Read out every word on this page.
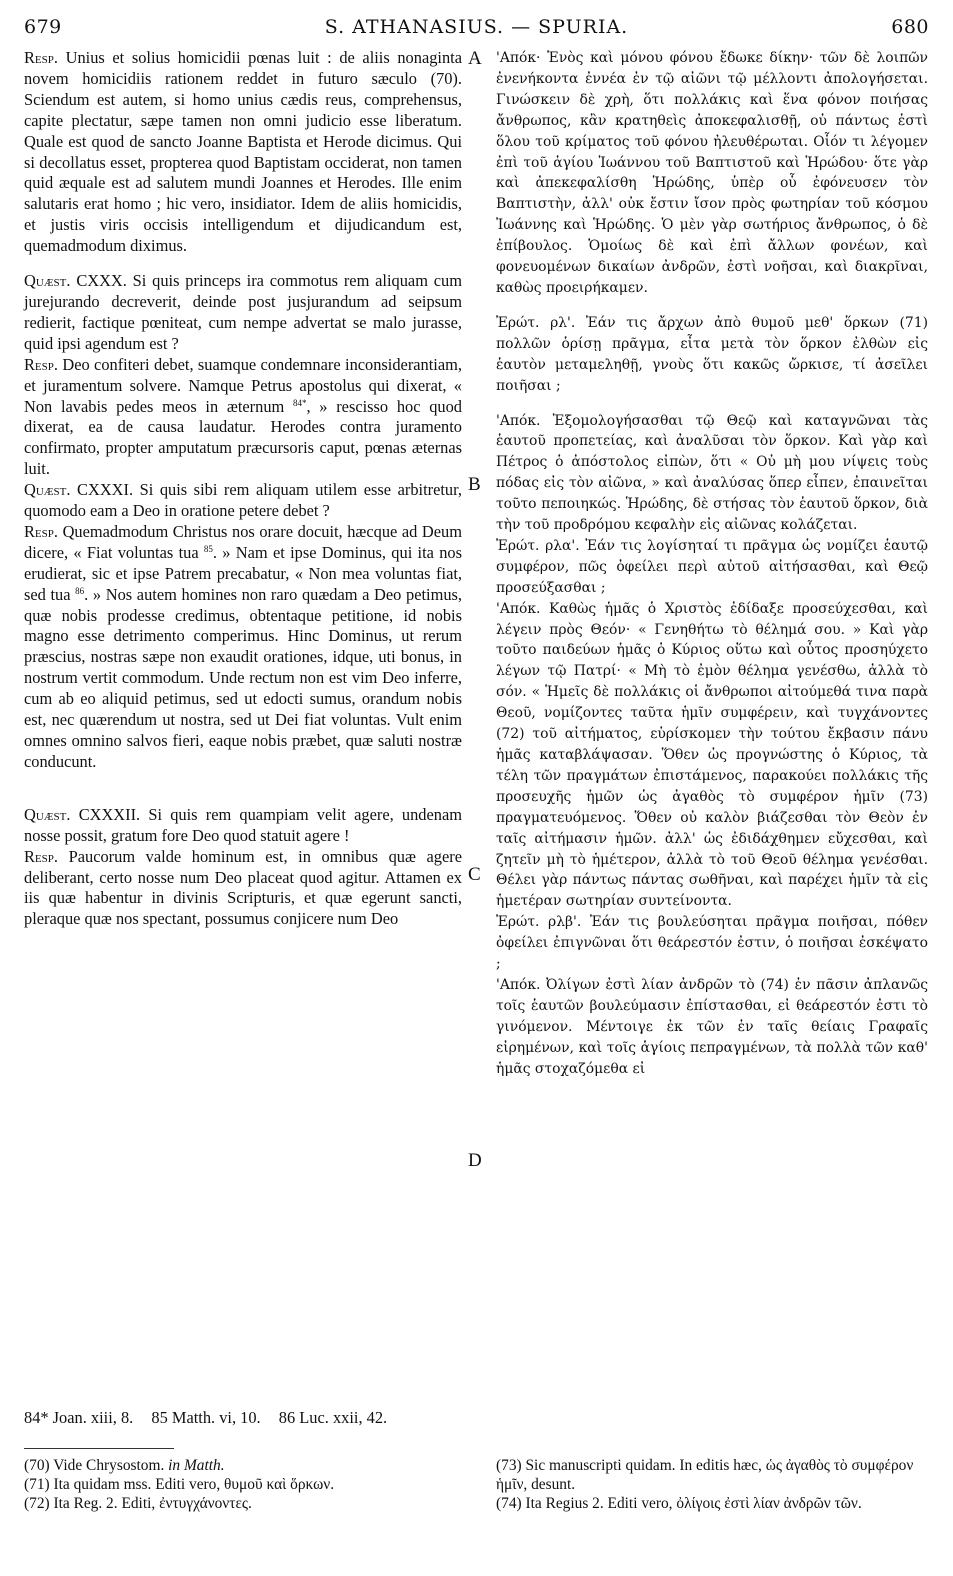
679	S. ATHANASIUS. — SPURIA.	680
A
B
C
D

Resp. Unius et solius homicidii pœnas luit : de aliis nonaginta novem homicidiis rationem reddet in futuro sæculo (70). Sciendum est autem, si homo unius cædis reus, comprehensus, capite plectatur, sæpe tamen non omni judicio esse liberatum. Quale est quod de sancto Joanne Baptista et Herode dicimus. Qui si decollatus esset, propterea quod Baptistam occiderat, non tamen quid æquale est ad salutem mundi Joannes et Herodes. Ille enim salutaris erat homo ; hic vero, insidiator. Idem de aliis homicidis, et justis viris occisis intelligendum et dijudicandum est, quemadmodum diximus.

Quæst. CXXX. Si quis princeps ira commotus rem aliquam cum jurejurando decreverit, deinde post jusjurandum ad seipsum redierit, factique pœniteat, cum nempe advertat se malo jurasse, quid ipsi agendum est ?

Resp. Deo confiteri debet, suamque condemnare inconsiderantiam, et juramentum solvere. Namque Petrus apostolus qui dixerat, « Non lavabis pedes meos in æternum $^{84*}$, » rescisso hoc quod dixerat, ea de causa laudatur. Herodes contra juramento confirmato, propter amputatum præcursoris caput, pœnas æternas luit.

Quæst. CXXXI. Si quis sibi rem aliquam utilem esse arbitretur, quomodo eam a Deo in oratione petere debet ?

Resp. Quemadmodum Christus nos orare docuit, hæcque ad Deum dicere, « Fiat voluntas tua $^{85}$. » Nam et ipse Dominus, qui ita nos erudierat, sic et ipse Patrem precabatur, « Non mea voluntas fiat, sed tua $^{86}$. » Nos autem homines non raro quædam a Deo petimus, quæ nobis prodesse credimus, obtentaque petitione, id nobis magno esse detrimento comperimus. Hinc Dominus, ut rerum præscius, nostras sæpe non exaudit orationes, idque, uti bonus, in nostrum vertit commodum. Unde rectum non est vim Deo inferre, cum ab eo aliquid petimus, sed ut edocti sumus, orandum nobis est, nec quærendum ut nostra, sed ut Dei fiat voluntas. Vult enim omnes omnino salvos fieri, eaque nobis præbet, quæ saluti nostræ conducunt.

Quæst. CXXXII. Si quis rem quampiam velit agere, undenam nosse possit, gratum fore Deo quod statuit agere !

Resp. Paucorum valde hominum est, in omnibus quæ agere deliberant, certo nosse num Deo placeat quod agitur. Attamen ex iis quæ habentur in divinis Scripturis, et quæ egerunt sancti, pleraque quæ nos spectant, possumus conjicere num Deo

'Απόκ· Ἑνὸς καὶ μόνου φόνου ἔδωκε δίκην· τῶν δὲ λοιπῶν ἐνενήκοντα ἐννέα ἐν τῷ αἰῶνι τῷ μέλλοντι ἀπολογήσεται. Γινώσκειν δὲ χρὴ, ὅτι πολλάκις καὶ ἕνα φόνον ποιήσας ἄνθρωπος, κἂν κρατηθεὶς ἀποκεφαλισθῇ, οὐ πάντως ἐστὶ ὅλου τοῦ κρίματος τοῦ φόνου ἠλευθέρωται. Οἷόν τι λέγομεν ἐπὶ τοῦ ἁγίου Ἰωάννου τοῦ Βαπτιστοῦ καὶ Ἡρώδου· ὅτε γὰρ καὶ ἀπεκεφαλίσθη Ἡρώδης, ὑπὲρ οὗ ἐφόνευσεν τὸν Βαπτιστὴν, ἀλλ' οὐκ ἔστιν ἴσον πρὸς φωτηρίαν τοῦ κόσμου Ἰωάννης καὶ Ἡρώδης. Ὁ μὲν γὰρ σωτήριος ἄνθρωπος, ὁ δὲ ἐπίβουλος. Ὁμοίως δὲ καὶ ἐπὶ ἄλλων φονέων, καὶ φονευομένων δικαίων ἀνδρῶν, ἐστὶ νοῆσαι, καὶ διακρῖναι, καθὼς προειρήκαμεν.

Ἐρώτ. ρλ'. Ἐάν τις ἄρχων ἀπὸ θυμοῦ μεθ' ὅρκων (71) πολλῶν ὁρίσῃ πρᾶγμα, εἶτα μετὰ τὸν ὅρκον ἐλθὼν εἰς ἑαυτὸν μεταμεληθῇ, γνοὺς ὅτι κακῶς ὤρκισε, τί ἀσεῖλει ποιῆσαι ;

'Απόκ. Ἐξομολογήσασθαι τῷ Θεῷ καὶ καταγνῶναι τὰς ἑαυτοῦ προπετείας, καὶ ἀναλῦσαι τὸν ὅρκον. Καὶ γὰρ καὶ Πέτρος ὁ ἀπόστολος εἰπὼν, ὅτι « Οὐ μὴ μου νίψεις τοὺς πόδας εἰς τὸν αἰῶνα, » καὶ ἀναλύσας ὅπερ εἶπεν, ἐπαινεῖται τοῦτο πεποιηκώς. Ἡρώδης, δὲ στήσας τὸν ἑαυτοῦ ὅρκον, διὰ τὴν τοῦ προδρόμου κεφαλὴν εἰς αἰῶνας κολάζεται.

Ἐρώτ. ρλα'. Ἐάν τις λογίσηταί τι πρᾶγμα ὡς νομίζει ἑαυτῷ συμφέρον, πῶς ὀφείλει περὶ αὐτοῦ αἰτήσασθαι, καὶ Θεῷ προσεύξασθαι ;

'Απόκ. Καθὼς ἡμᾶς ὁ Χριστὸς ἐδίδαξε προσεύχεσθαι, καὶ λέγειν πρὸς Θεόν· « Γενηθήτω τὸ θέλημά σου. » Καὶ γὰρ τοῦτο παιδεύων ἡμᾶς ὁ Κύριος οὕτω καὶ οὗτος προσηύχετο λέγων τῷ Πατρί· « Μὴ τὸ ἐμὸν θέλημα γενέσθω, ἀλλὰ τὸ σόν. « Ἡμεῖς δὲ πολλάκις οἱ ἄνθρωποι αἰτούμεθά τινα παρὰ Θεοῦ, νομίζοντες ταῦτα ἡμῖν συμφέρειν, καὶ τυγχάνοντες (72) τοῦ αἰτήματος, εὑρίσκομεν τὴν τούτου ἔκβασιν πάνυ ἡμᾶς καταβλάψασαν. Ὅθεν ὡς προγνώστης ὁ Κύριος, τὰ τέλη τῶν πραγμάτων ἐπιστάμενος, παρακούει πολλάκις τῆς προσευχῆς ἡμῶν ὡς ἀγαθὸς τὸ συμφέρον ἡμῖν (73) πραγματευόμενος. Ὅθεν οὐ καλὸν βιάζεσθαι τὸν Θεὸν ἐν ταῖς αἰτήμασιν ἡμῶν. ἀλλ' ὡς ἐδιδάχθημεν εὔχεσθαι, καὶ ζητεῖν μὴ τὸ ἡμέτερον, ἀλλὰ τὸ τοῦ Θεοῦ θέλημα γενέσθαι. Θέλει γὰρ πάντως πάντας σωθῆναι, καὶ παρέχει ἡμῖν τὰ εἰς ἡμετέραν σωτηρίαν συντείνοντα.

Ἐρώτ. ρλβ'. Ἐάν τις βουλεύσηται πρᾶγμα ποιῆσαι, πόθεν ὀφείλει ἐπιγνῶναι ὅτι θεάρεστόν ἐστιν, ὁ ποιῆσαι ἐσκέψατο ;

'Απόκ. Ὀλίγων ἐστὶ λίαν ἀνδρῶν τὸ (74) ἐν πᾶσιν ἀπλανῶς τοῖς ἑαυτῶν βουλεύμασιν ἐπίστασθαι, εἰ θεάρεστόν ἐστι τὸ γινόμενον. Μέντοιγε ἐκ τῶν ἐν ταῖς θείαις Γραφαῖς εἰρημένων, καὶ τοῖς ἁγίοις πεπραγμένων, τὰ πολλὰ τῶν καθ' ἡμᾶς στοχαζόμεθα εἰ

84* Joan. xiii, 8. 85 Matth. vi, 10. 86 Luc. xxii, 42.
(70) Vide Chrysostom. in Matth.
(71) Ita quidam mss. Editi vero, θυμοῦ καὶ ὅρκων.
(72) Ita Reg. 2. Editi, ἐντυγχάνοντες.
(73) Sic manuscripti quidam. In editis hæc, ὡς ἀγαθὸς τὸ συμφέρον ἡμῖν, desunt.
(74) Ita Regius 2. Editi vero, ὀλίγοις ἐστὶ λίαν ἀνδρῶν τῶν.
